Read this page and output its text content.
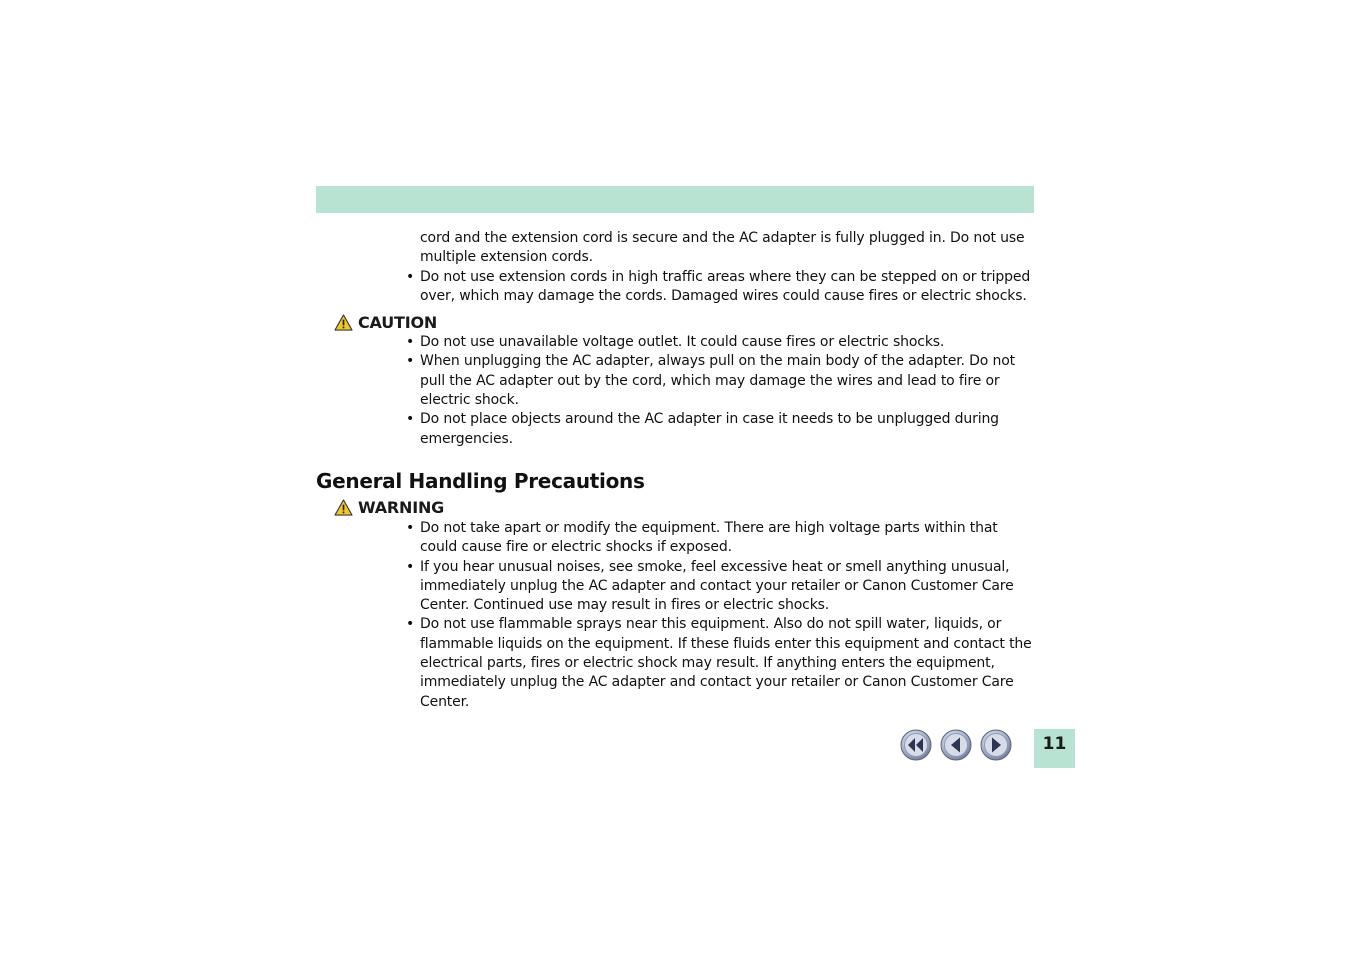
cord and the extension cord is secure and the AC adapter is fully plugged in. Do not use multiple extension cords.
• Do not use extension cords in high traffic areas where they can be stepped on or tripped over, which may damage the cords. Damaged wires could cause fires or electric shocks.
CAUTION
• Do not use unavailable voltage outlet. It could cause fires or electric shocks.
• When unplugging the AC adapter, always pull on the main body of the adapter. Do not pull the AC adapter out by the cord, which may damage the wires and lead to fire or electric shock.
• Do not place objects around the AC adapter in case it needs to be unplugged during emergencies.
General Handling Precautions
WARNING
• Do not take apart or modify the equipment. There are high voltage parts within that could cause fire or electric shocks if exposed.
• If you hear unusual noises, see smoke, feel excessive heat or smell anything unusual, immediately unplug the AC adapter and contact your retailer or Canon Customer Care Center. Continued use may result in fires or electric shocks.
• Do not use flammable sprays near this equipment. Also do not spill water, liquids, or flammable liquids on the equipment. If these fluids enter this equipment and contact the electrical parts, fires or electric shock may result. If anything enters the equipment, immediately unplug the AC adapter and contact your retailer or Canon Customer Care Center.
11
